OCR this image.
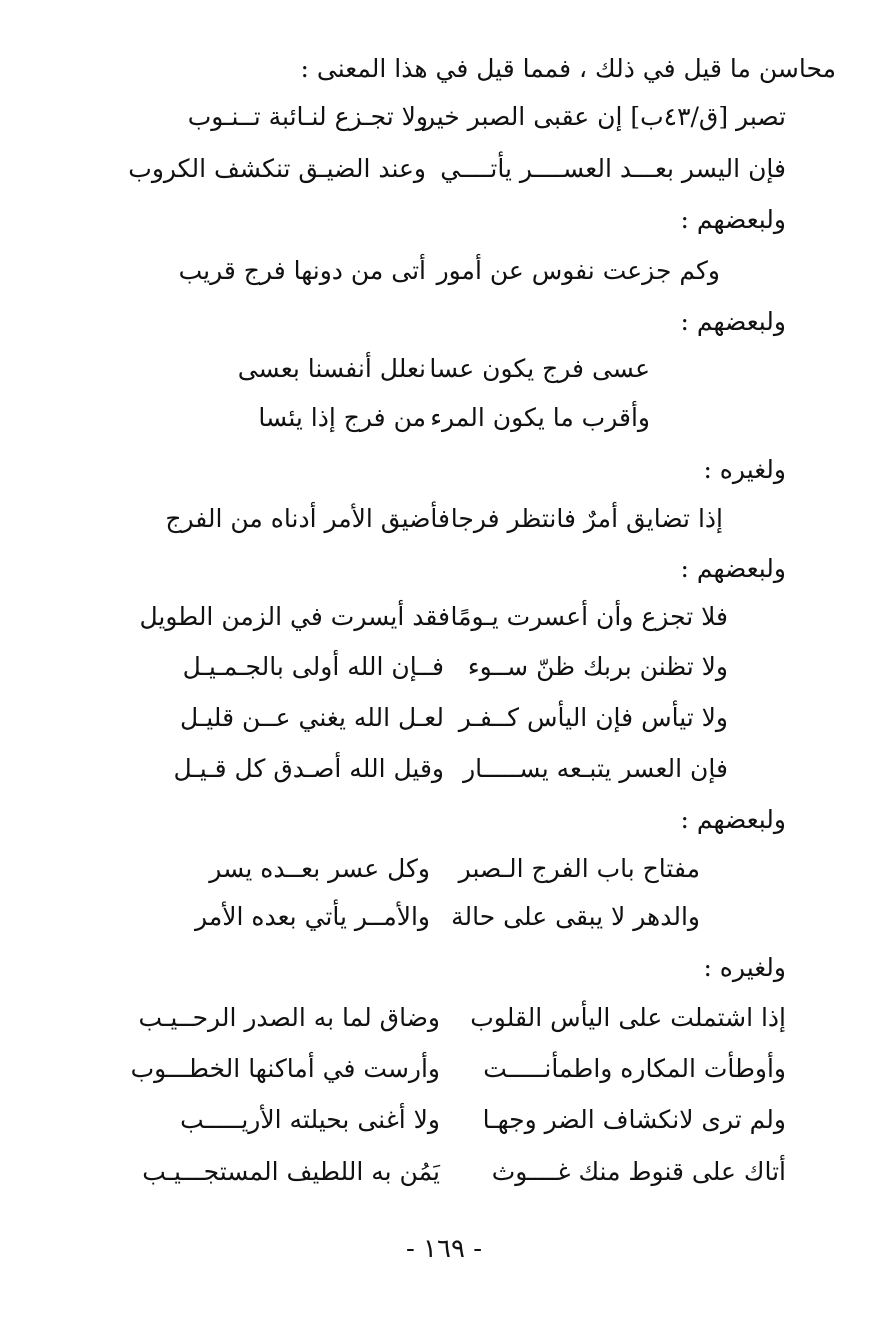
محاسن ما قيل في ذلك ، فمما قيل في هذا المعنى :
تصبر [ق/٤٣ب] إن عقبى الصبر خير
ولا تجـزع لنـائبة تــنـوب
فإن اليسر بعـــد العســــر يأتــــي
وعند الضيـق تنكشف الكروب
ولبعضهم :
وكم جزعت نفوس عن أمور
أتى من دونها فرج قريب
ولبعضهم :
عسى فرج يكون عسا
نعلل أنفسنا بعسى
وأقرب ما يكون المرء
من فرج إذا يئسا
ولغيره :
إذا تضايق أمرٌ فانتظر فرجا
فأضيق الأمر أدناه من الفرج
ولبعضهم :
فلا تجزع وأن أعسرت يـومًا
فقد أيسرت في الزمن الطويل
ولا تظنن بربك ظنّ ســوء
فــإن الله أولى بالجـمـيـل
ولا تيأس فإن اليأس كــفـر
لعـل الله يغني عــن قليـل
فإن العسر يتبـعه يســـــار
وقيل الله أصـدق كل قـيـل
ولبعضهم :
مفتاح باب الفرج الـصبر
وكل عسر بعــده يسر
والدهر لا يبقى على حالة
والأمــر يأتي بعده الأمر
ولغيره :
إذا اشتملت على اليأس القلوب
وضاق لما به الصدر الرحــيـب
وأوطأت المكاره واطمأنـــــت
وأرست في أماكنها الخطـــوب
ولم ترى لانكشاف الضر وجهـا
ولا أغنى بحيلته الأريـــــب
أتاك على قنوط منك غــــوث
يَمُن به اللطيف المستجـــيـب
- ١٦٩ -
